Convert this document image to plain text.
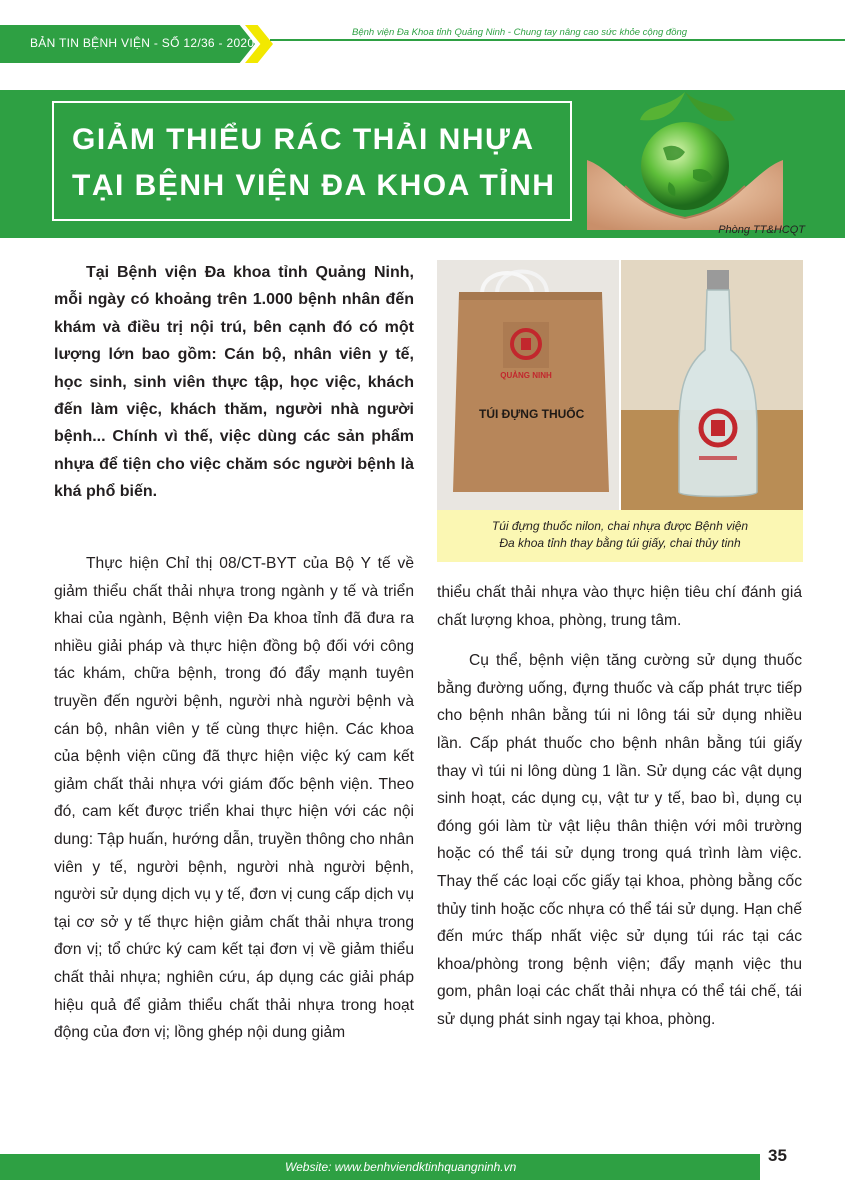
BẢN TIN BỆNH VIỆN - SỐ 12/36 - 2020
Bệnh viện Đa Khoa tỉnh Quảng Ninh - Chung tay nâng cao sức khỏe cộng đồng
GIẢM THIỂU RÁC THẢI NHỰA
TẠI BỆNH VIỆN ĐA KHOA TỈNH
Phòng TT&HCQT

Tại Bệnh viện Đa khoa tỉnh Quảng Ninh, mỗi ngày có khoảng trên 1.000 bệnh nhân đến khám và điều trị nội trú, bên cạnh đó có một lượng lớn bao gồm: Cán bộ, nhân viên y tế, học sinh, sinh viên thực tập, học việc, khách đến làm việc, khách thăm, người nhà người bệnh... Chính vì thế, việc dùng các sản phẩm nhựa để tiện cho việc chăm sóc người bệnh là khá phổ biến.

QUẢNG NINH
TÚI ĐỰNG THUỐC
Túi đựng thuốc nilon, chai nhựa được Bệnh viện
Đa khoa tỉnh thay bằng túi giấy, chai thủy tinh

Thực hiện Chỉ thị 08/CT-BYT của Bộ Y tế về giảm thiểu chất thải nhựa trong ngành y tế và triển khai của ngành, Bệnh viện Đa khoa tỉnh đã đưa ra nhiều giải pháp và thực hiện đồng bộ đối với công tác khám, chữa bệnh, trong đó đẩy mạnh tuyên truyền đến người bệnh, người nhà người bệnh và cán bộ, nhân viên y tế cùng thực hiện. Các khoa của bệnh viện cũng đã thực hiện việc ký cam kết giảm chất thải nhựa với giám đốc bệnh viện. Theo đó, cam kết được triển khai thực hiện với các nội dung: Tập huấn, hướng dẫn, truyền thông cho nhân viên y tế, người bệnh, người nhà người bệnh, người sử dụng dịch vụ y tế, đơn vị cung cấp dịch vụ tại cơ sở y tế thực hiện giảm chất thải nhựa trong đơn vị; tổ chức ký cam kết tại đơn vị về giảm thiểu chất thải nhựa; nghiên cứu, áp dụng các giải pháp hiệu quả để giảm thiểu chất thải nhựa trong hoạt động của đơn vị; lồng ghép nội dung giảm

thiểu chất thải nhựa vào thực hiện tiêu chí đánh giá chất lượng khoa, phòng, trung tâm.

Cụ thể, bệnh viện tăng cường sử dụng thuốc bằng đường uống, đựng thuốc và cấp phát trực tiếp cho bệnh nhân bằng túi ni lông tái sử dụng nhiều lần. Cấp phát thuốc cho bệnh nhân bằng túi giấy thay vì túi ni lông dùng 1 lần. Sử dụng các vật dụng sinh hoạt, các dụng cụ, vật tư y tế, bao bì, dụng cụ đóng gói làm từ vật liệu thân thiện với môi trường hoặc có thể tái sử dụng trong quá trình làm việc. Thay thế các loại cốc giấy tại khoa, phòng bằng cốc thủy tinh hoặc cốc nhựa có thể tái sử dụng. Hạn chế đến mức thấp nhất việc sử dụng túi rác tại các khoa/phòng trong bệnh viện; đẩy mạnh việc thu gom, phân loại các chất thải nhựa có thể tái chế, tái sử dụng phát sinh ngay tại khoa, phòng.

Website: www.benhviendktinhquangninh.vn
35
